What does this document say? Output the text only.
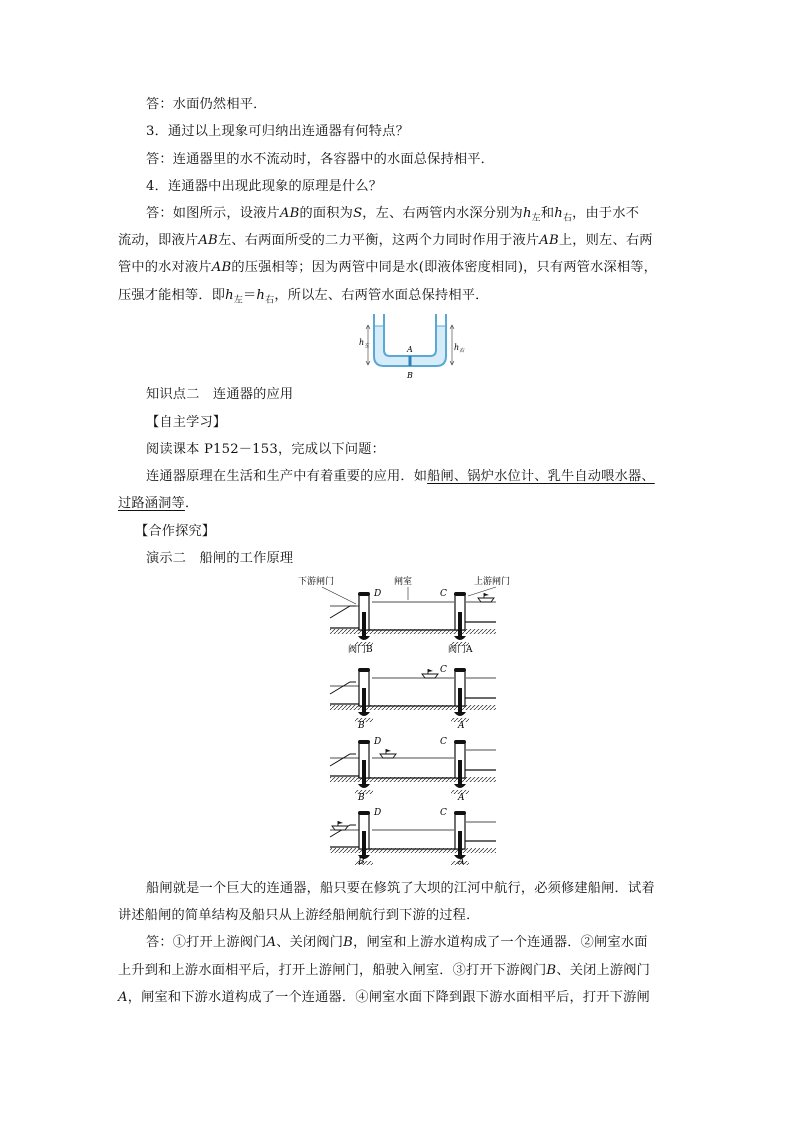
答：水面仍然相平．
3．通过以上现象可归纳出连通器有何特点？
答：连通器里的水不流动时，各容器中的水面总保持相平．
4．连通器中出现此现象的原理是什么？
答：如图所示，设液片AB的面积为S，左、右两管内水深分别为$h_左$和$h_右$，由于水不
流动，即液片AB左、右两面所受的二力平衡，这两个力同时作用于液片AB上，则左、右两
管中的水对液片AB的压强相等；因为两管中同是水(即液体密度相同)，只有两管水深相等，
压强才能相等．即$h_左=h_右$，所以左、右两管水面总保持相平．
$h_左$	$h_右$
A
B
知识点二　连通器的应用
【自主学习】
阅读课本 P152－153，完成以下问题：
连通器原理在生活和生产中有着重要的应用．如船闸、锅炉水位计、乳牛自动喂水器、
过路涵洞等．
【合作探究】
演示二　船闸的工作原理
下游闸门	闸室	上游闸门
D	C
阀门B	阀门A
C
B	A
D	C
B	A
D	C
B	A
船闸就是一个巨大的连通器，船只要在修筑了大坝的江河中航行，必须修建船闸．试着
讲述船闸的简单结构及船只从上游经船闸航行到下游的过程．
答：①打开上游阀门A、关闭阀门B，闸室和上游水道构成了一个连通器．②闸室水面
上升到和上游水面相平后，打开上游闸门，船驶入闸室．③打开下游阀门B、关闭上游阀门
A，闸室和下游水道构成了一个连通器．④闸室水面下降到跟下游水面相平后，打开下游闸
